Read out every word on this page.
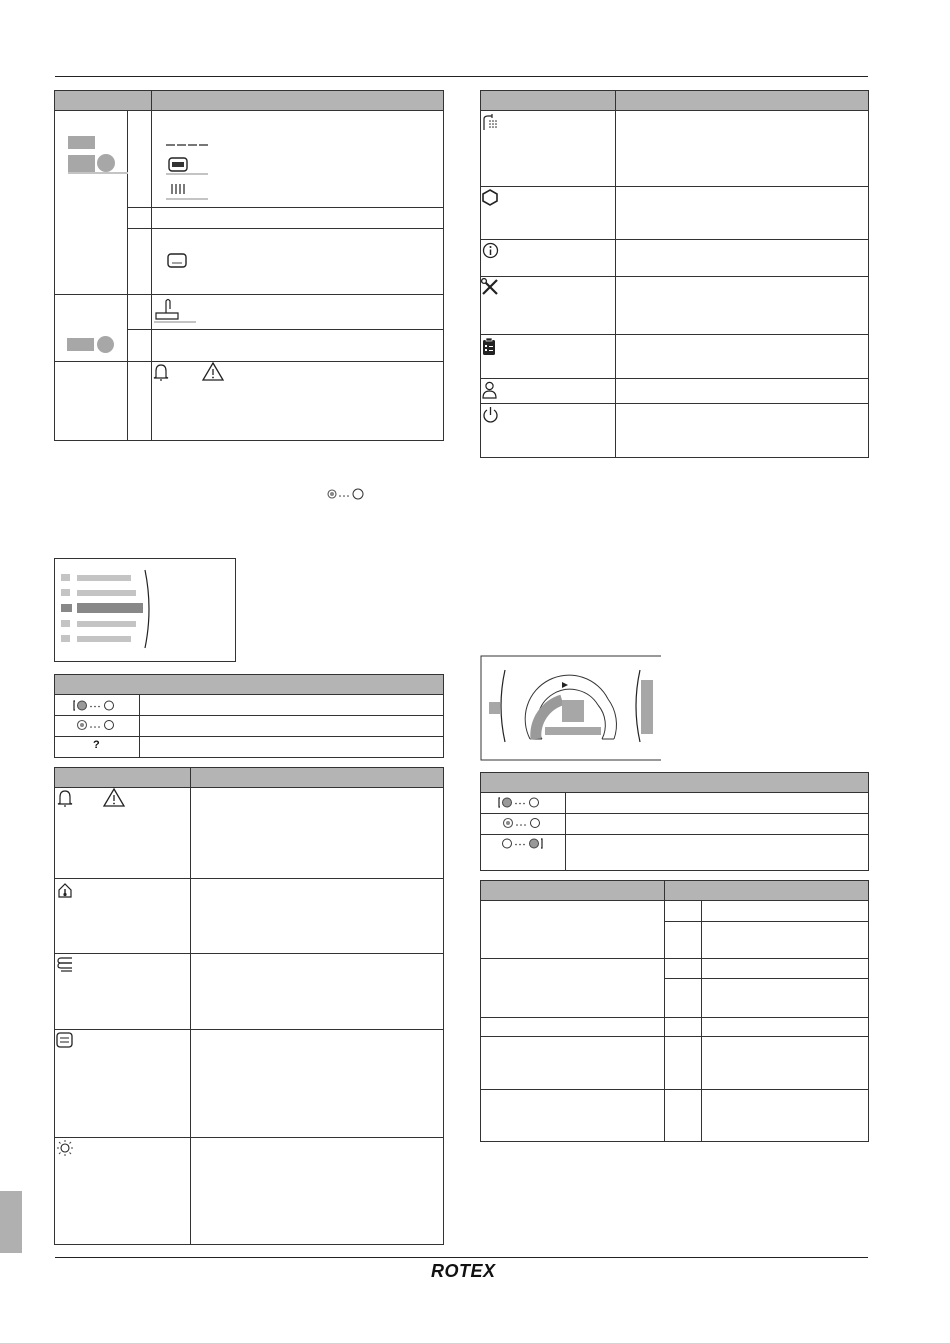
?
ROTEX
